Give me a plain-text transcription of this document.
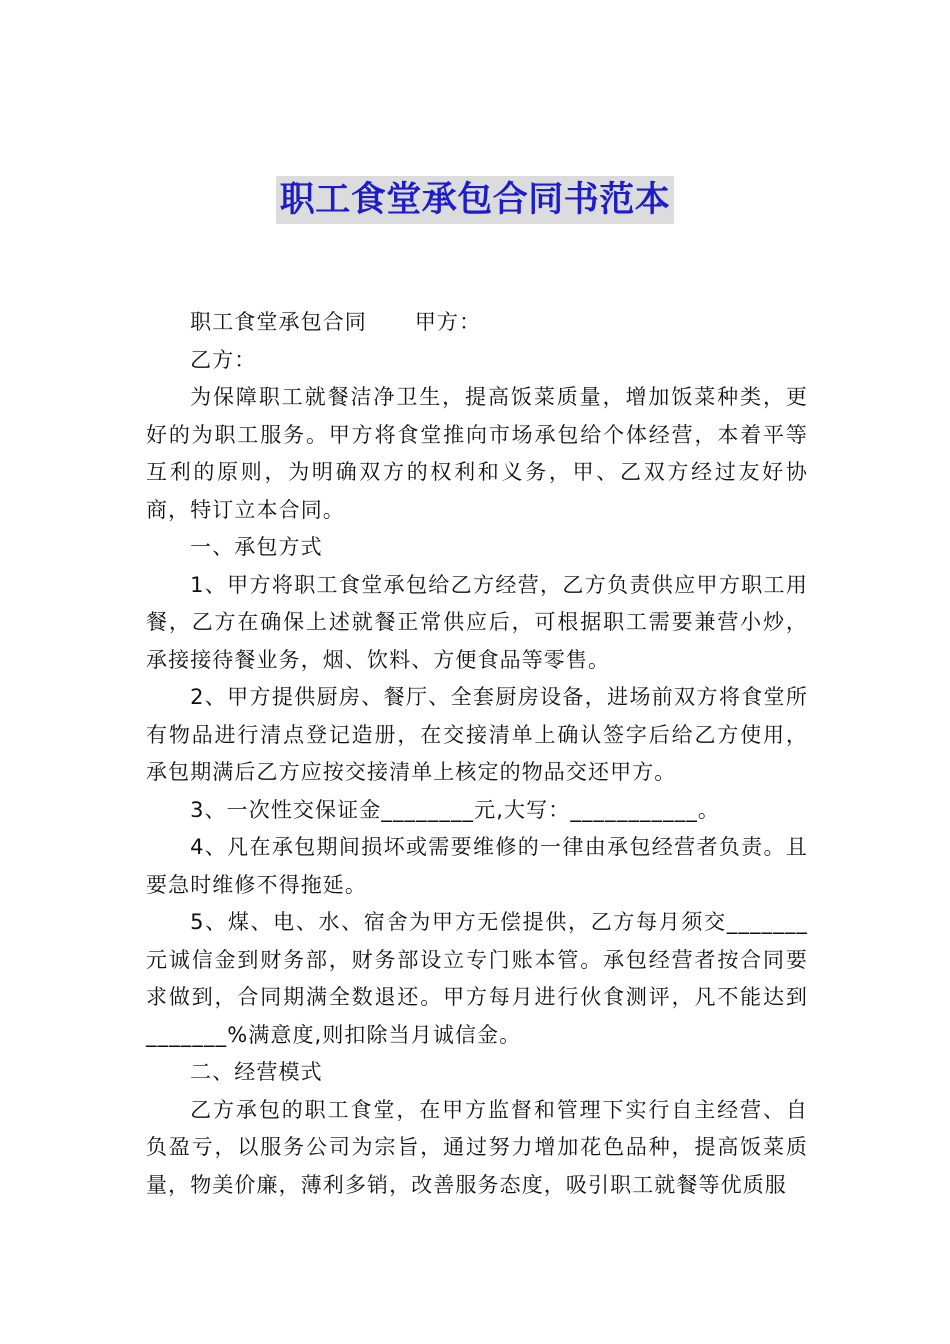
职工食堂承包合同书范本

职工食堂承包合同 甲方：

乙方：

为保障职工就餐洁净卫生，提高饭菜质量，增加饭菜种类，更好的为职工服务。甲方将食堂推向市场承包给个体经营，本着平等互利的原则，为明确双方的权利和义务，甲、乙双方经过友好协商，特订立本合同。

一、承包方式

1、甲方将职工食堂承包给乙方经营，乙方负责供应甲方职工用餐，乙方在确保上述就餐正常供应后，可根据职工需要兼营小炒，承接接待餐业务，烟、饮料、方便食品等零售。

2、甲方提供厨房、餐厅、全套厨房设备，进场前双方将食堂所有物品进行清点登记造册，在交接清单上确认签字后给乙方使用，承包期满后乙方应按交接清单上核定的物品交还甲方。

3、一次性交保证金________元,大写：___________。

4、凡在承包期间损坏或需要维修的一律由承包经营者负责。且要急时维修不得拖延。

5、煤、电、水、宿舍为甲方无偿提供，乙方每月须交_______元诚信金到财务部，财务部设立专门账本管。承包经营者按合同要求做到，合同期满全数退还。甲方每月进行伙食测评，凡不能达到_______%满意度,则扣除当月诚信金。

二、经营模式

乙方承包的职工食堂，在甲方监督和管理下实行自主经营、自负盈亏，以服务公司为宗旨，通过努力增加花色品种，提高饭菜质量，物美价廉，薄利多销，改善服务态度，吸引职工就餐等优质服
